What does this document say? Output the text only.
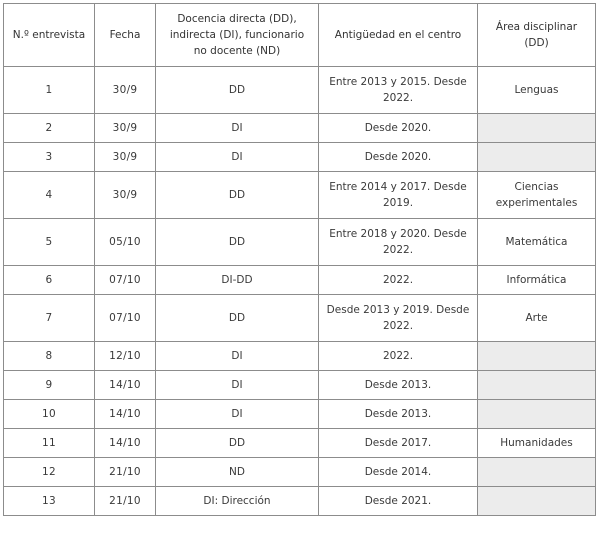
N.º entrevista	Fecha	Docencia directa (DD), indirecta (DI), funcionario no docente (ND)	Antigüedad en el centro	Área disciplinar (DD)
1	30/9	DD	Entre 2013 y 2015. Desde 2022.	Lenguas
2	30/9	DI	Desde 2020.	
3	30/9	DI	Desde 2020.	
4	30/9	DD	Entre 2014 y 2017. Desde 2019.	Ciencias experimentales
5	05/10	DD	Entre 2018 y 2020. Desde 2022.	Matemática
6	07/10	DI-DD	2022.	Informática
7	07/10	DD	Desde 2013 y 2019. Desde 2022.	Arte
8	12/10	DI	2022.	
9	14/10	DI	Desde 2013.	
10	14/10	DI	Desde 2013.	
11	14/10	DD	Desde 2017.	Humanidades
12	21/10	ND	Desde 2014.	
13	21/10	DI: Dirección	Desde 2021.	
